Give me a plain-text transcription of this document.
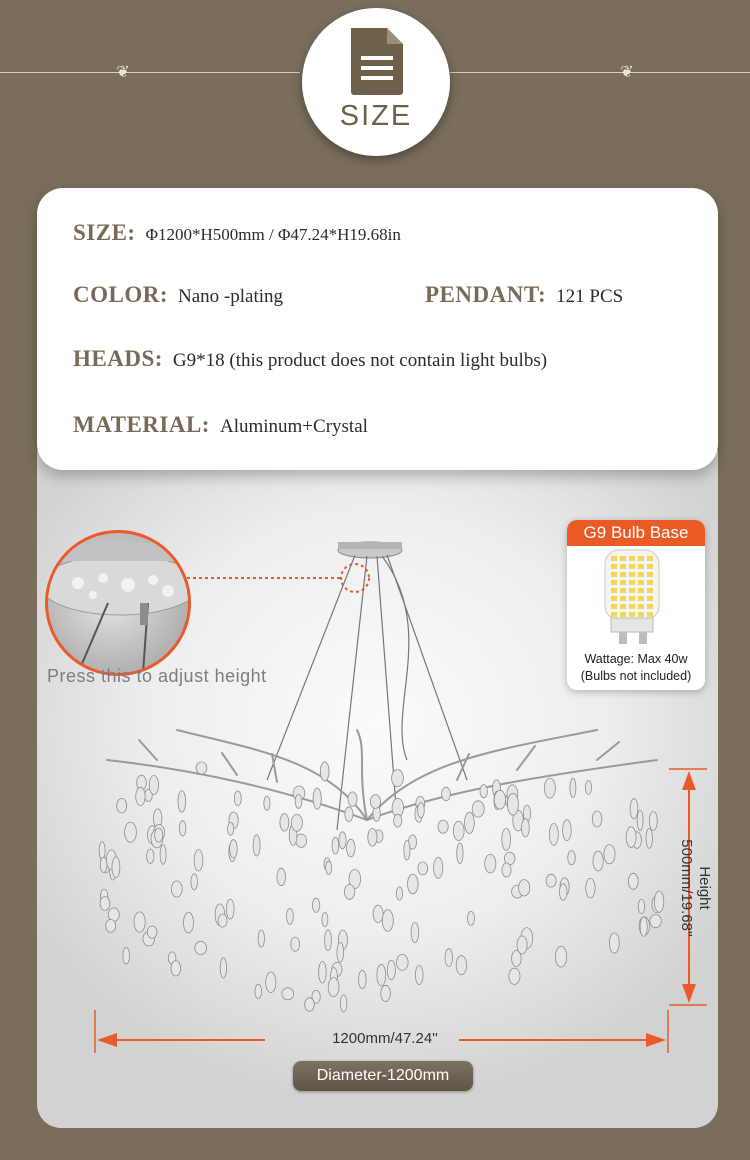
❦	❦
SIZE
SIZE: Φ1200*H500mm / Φ47.24*H19.68in
COLOR: Nano -plating	PENDANT: 121 PCS
HEADS: G9*18 (this product does not contain light bulbs)
MATERIAL: Aluminum+Crystal
Press this to adjust height
G9 Bulb Base
Wattage: Max 40w
(Bulbs not included)
1200mm/47.24''
Height 500mm/19.68''
Diameter-1200mm
